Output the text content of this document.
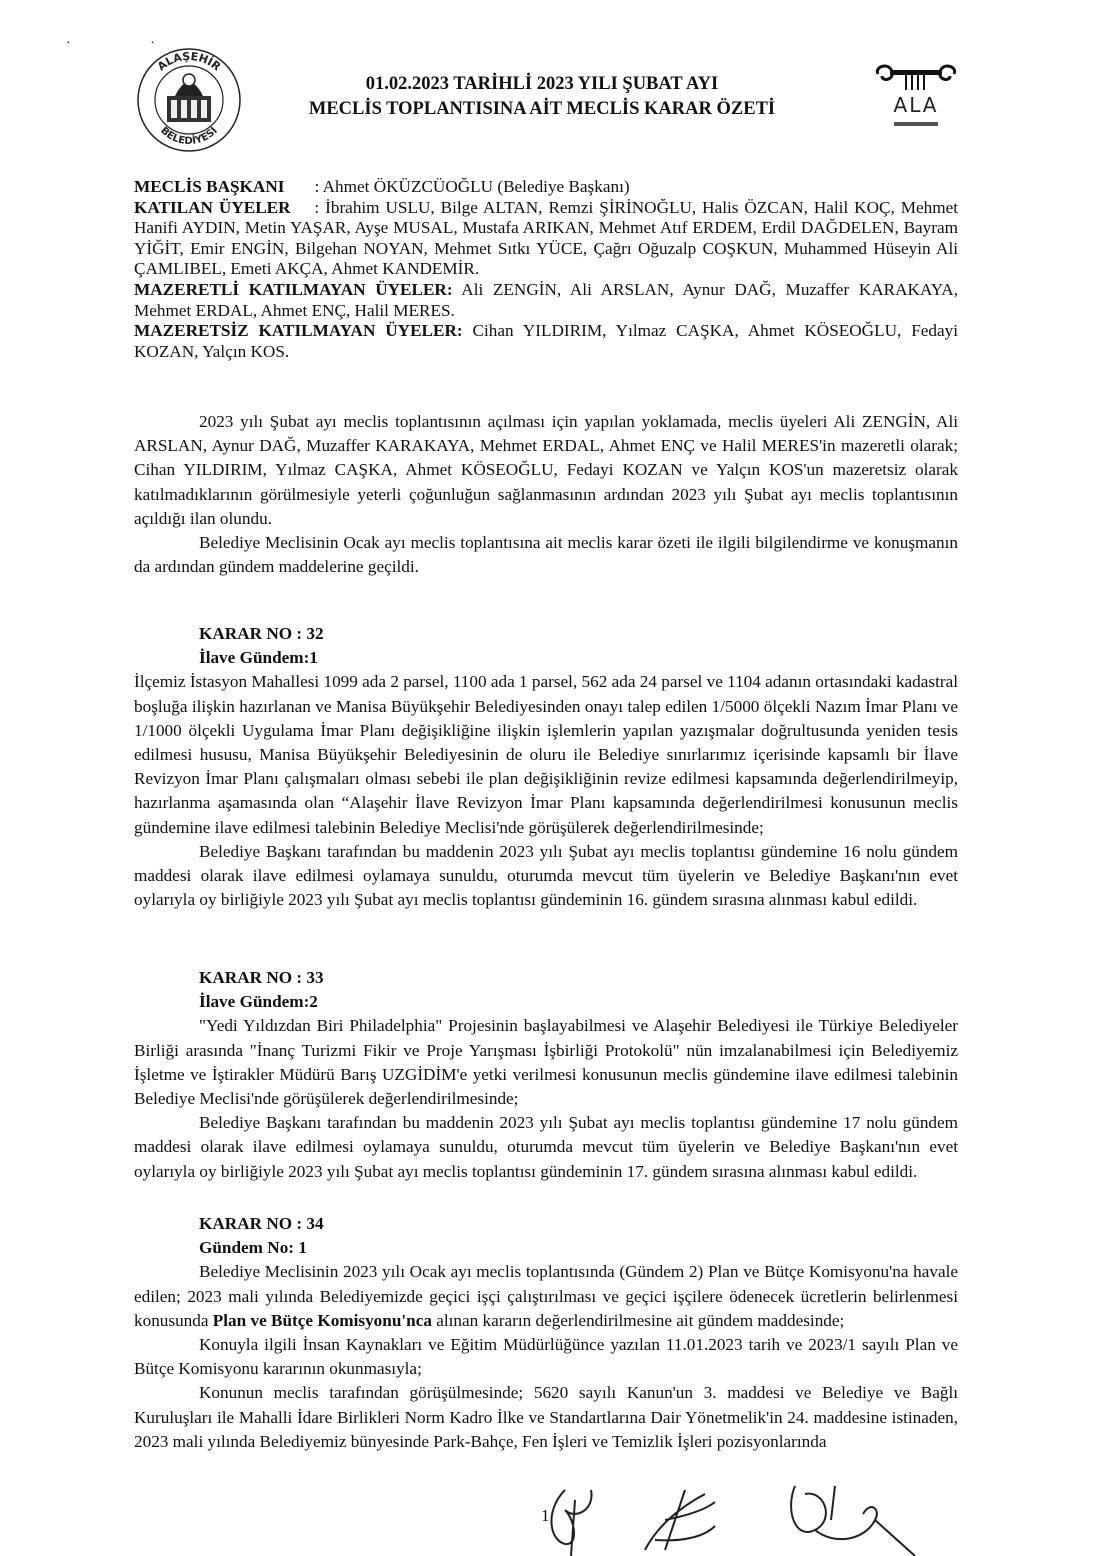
· ·
ALAŞEHİR
BELEDİYESİ
01.02.2023 TARİHLİ 2023 YILI ŞUBAT AYI
MECLİS TOPLANTISINA AİT MECLİS KARAR ÖZETİ	ALA

MECLİS BAŞKANI : Ahmet ÖKÜZCÜOĞLU (Belediye Başkanı)

KATILAN ÜYELER : İbrahim USLU, Bilge ALTAN, Remzi ŞİRİNOĞLU, Halis ÖZCAN, Halil KOÇ, Mehmet Hanifi AYDIN, Metin YAŞAR, Ayşe MUSAL, Mustafa ARIKAN, Mehmet Atıf ERDEM, Erdil DAĞDELEN, Bayram YİĞİT, Emir ENGİN, Bilgehan NOYAN, Mehmet Sıtkı YÜCE, Çağrı Oğuzalp COŞKUN, Muhammed Hüseyin Ali ÇAMLIBEL, Emeti AKÇA, Ahmet KANDEMİR.

MAZERETLİ KATILMAYAN ÜYELER: Ali ZENGİN, Ali ARSLAN, Aynur DAĞ, Muzaffer KARAKAYA, Mehmet ERDAL, Ahmet ENÇ, Halil MERES.

MAZERETSİZ KATILMAYAN ÜYELER: Cihan YILDIRIM, Yılmaz CAŞKA, Ahmet KÖSEOĞLU, Fedayi KOZAN, Yalçın KOS.

2023 yılı Şubat ayı meclis toplantısının açılması için yapılan yoklamada, meclis üyeleri Ali ZENGİN, Ali ARSLAN, Aynur DAĞ, Muzaffer KARAKAYA, Mehmet ERDAL, Ahmet ENÇ ve Halil MERES'in mazeretli olarak; Cihan YILDIRIM, Yılmaz CAŞKA, Ahmet KÖSEOĞLU, Fedayi KOZAN ve Yalçın KOS'un mazeretsiz olarak katılmadıklarının görülmesiyle yeterli çoğunluğun sağlanmasının ardından 2023 yılı Şubat ayı meclis toplantısının açıldığı ilan olundu.

Belediye Meclisinin Ocak ayı meclis toplantısına ait meclis karar özeti ile ilgili bilgilendirme ve konuşmanın da ardından gündem maddelerine geçildi.

KARAR NO : 32

İlave Gündem:1

İlçemiz İstasyon Mahallesi 1099 ada 2 parsel, 1100 ada 1 parsel, 562 ada 24 parsel ve 1104 adanın ortasındaki kadastral boşluğa ilişkin hazırlanan ve Manisa Büyükşehir Belediyesinden onayı talep edilen 1/5000 ölçekli Nazım İmar Planı ve 1/1000 ölçekli Uygulama İmar Planı değişikliğine ilişkin işlemlerin yapılan yazışmalar doğrultusunda yeniden tesis edilmesi hususu, Manisa Büyükşehir Belediyesinin de oluru ile Belediye sınırlarımız içerisinde kapsamlı bir İlave Revizyon İmar Planı çalışmaları olması sebebi ile plan değişikliğinin revize edilmesi kapsamında değerlendirilmeyip, hazırlanma aşamasında olan “Alaşehir İlave Revizyon İmar Planı kapsamında değerlendirilmesi konusunun meclis gündemine ilave edilmesi talebinin Belediye Meclisi'nde görüşülerek değerlendirilmesinde;

Belediye Başkanı tarafından bu maddenin 2023 yılı Şubat ayı meclis toplantısı gündemine 16 nolu gündem maddesi olarak ilave edilmesi oylamaya sunuldu, oturumda mevcut tüm üyelerin ve Belediye Başkanı'nın evet oylarıyla oy birliğiyle 2023 yılı Şubat ayı meclis toplantısı gündeminin 16. gündem sırasına alınması kabul edildi.

KARAR NO : 33

İlave Gündem:2

"Yedi Yıldızdan Biri Philadelphia" Projesinin başlayabilmesi ve Alaşehir Belediyesi ile Türkiye Belediyeler Birliği arasında "İnanç Turizmi Fikir ve Proje Yarışması İşbirliği Protokolü" nün imzalanabilmesi için Belediyemiz İşletme ve İştirakler Müdürü Barış UZGİDİM'e yetki verilmesi konusunun meclis gündemine ilave edilmesi talebinin Belediye Meclisi'nde görüşülerek değerlendirilmesinde;

Belediye Başkanı tarafından bu maddenin 2023 yılı Şubat ayı meclis toplantısı gündemine 17 nolu gündem maddesi olarak ilave edilmesi oylamaya sunuldu, oturumda mevcut tüm üyelerin ve Belediye Başkanı'nın evet oylarıyla oy birliğiyle 2023 yılı Şubat ayı meclis toplantısı gündeminin 17. gündem sırasına alınması kabul edildi.

KARAR NO : 34

Gündem No: 1

Belediye Meclisinin 2023 yılı Ocak ayı meclis toplantısında (Gündem 2) Plan ve Bütçe Komisyonu'na havale edilen; 2023 mali yılında Belediyemizde geçici işçi çalıştırılması ve geçici işçilere ödenecek ücretlerin belirlenmesi konusunda Plan ve Bütçe Komisyonu'nca alınan kararın değerlendirilmesine ait gündem maddesinde;

Konuyla ilgili İnsan Kaynakları ve Eğitim Müdürlüğünce yazılan 11.01.2023 tarih ve 2023/1 sayılı Plan ve Bütçe Komisyonu kararının okunmasıyla;

Konunun meclis tarafından görüşülmesinde; 5620 sayılı Kanun'un 3. maddesi ve Belediye ve Bağlı Kuruluşları ile Mahalli İdare Birlikleri Norm Kadro İlke ve Standartlarına Dair Yönetmelik'in 24. maddesine istinaden, 2023 mali yılında Belediyemiz bünyesinde Park-Bahçe, Fen İşleri ve Temizlik İşleri pozisyonlarında

1
